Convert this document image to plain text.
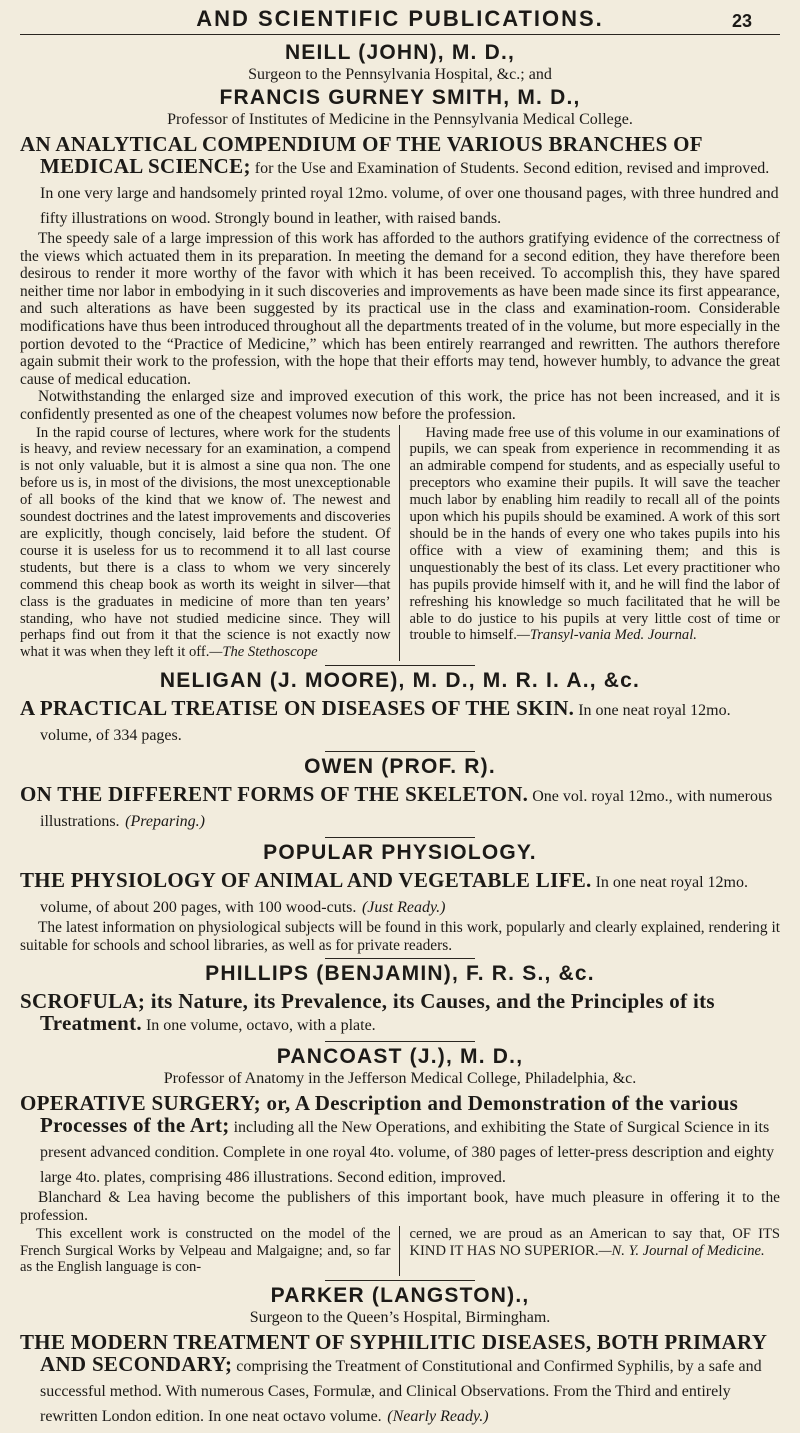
AND SCIENTIFIC PUBLICATIONS.	23
NEILL (JOHN), M. D.,
Surgeon to the Pennsylvania Hospital, &c.; and
FRANCIS GURNEY SMITH, M. D.,
Professor of Institutes of Medicine in the Pennsylvania Medical College.
AN ANALYTICAL COMPENDIUM OF THE VARIOUS BRANCHES OF MEDICAL SCIENCE; for the Use and Examination of Students. Second edition, revised and improved. In one very large and handsomely printed royal 12mo. volume, of over one thousand pages, with three hundred and fifty illustrations on wood. Strongly bound in leather, with raised bands.

The speedy sale of a large impression of this work has afforded to the authors gratifying evidence of the correctness of the views which actuated them in its preparation. In meeting the demand for a second edition, they have therefore been desirous to render it more worthy of the favor with which it has been received. To accomplish this, they have spared neither time nor labor in embodying in it such discoveries and improvements as have been made since its first appearance, and such alterations as have been suggested by its practical use in the class and examination-room. Considerable modifications have thus been introduced throughout all the departments treated of in the volume, but more especially in the portion devoted to the “Practice of Medicine,” which has been entirely rearranged and rewritten. The authors therefore again submit their work to the profession, with the hope that their efforts may tend, however humbly, to advance the great cause of medical education.

Notwithstanding the enlarged size and improved execution of this work, the price has not been increased, and it is confidently presented as one of the cheapest volumes now before the profession.

In the rapid course of lectures, where work for the students is heavy, and review necessary for an examination, a compend is not only valuable, but it is almost a sine qua non. The one before us is, in most of the divisions, the most unexceptionable of all books of the kind that we know of. The newest and soundest doctrines and the latest improvements and discoveries are explicitly, though concisely, laid before the student. Of course it is useless for us to recommend it to all last course students, but there is a class to whom we very sincerely commend this cheap book as worth its weight in silver—that class is the graduates in medicine of more than ten years’ standing, who have not studied medicine since. They will perhaps find out from it that the science is not exactly now what it was when they left it off.—The Stethoscope

Having made free use of this volume in our examinations of pupils, we can speak from experience in recommending it as an admirable compend for students, and as especially useful to preceptors who examine their pupils. It will save the teacher much labor by enabling him readily to recall all of the points upon which his pupils should be examined. A work of this sort should be in the hands of every one who takes pupils into his office with a view of examining them; and this is unquestionably the best of its class. Let every practitioner who has pupils provide himself with it, and he will find the labor of refreshing his knowledge so much facilitated that he will be able to do justice to his pupils at very little cost of time or trouble to himself.—Transyl-vania Med. Journal.

NELIGAN (J. MOORE), M. D., M. R. I. A., &c.
A PRACTICAL TREATISE ON DISEASES OF THE SKIN. In one neat royal 12mo. volume, of 334 pages.
OWEN (PROF. R).
ON THE DIFFERENT FORMS OF THE SKELETON. One vol. royal 12mo., with numerous illustrations. (Preparing.)
POPULAR PHYSIOLOGY.
THE PHYSIOLOGY OF ANIMAL AND VEGETABLE LIFE. In one neat royal 12mo. volume, of about 200 pages, with 100 wood-cuts. (Just Ready.)

The latest information on physiological subjects will be found in this work, popularly and clearly explained, rendering it suitable for schools and school libraries, as well as for private readers.

PHILLIPS (BENJAMIN), F. R. S., &c.
SCROFULA; its Nature, its Prevalence, its Causes, and the Principles of its Treatment. In one volume, octavo, with a plate.
PANCOAST (J.), M. D.,
Professor of Anatomy in the Jefferson Medical College, Philadelphia, &c.
OPERATIVE SURGERY; or, A Description and Demonstration of the various Processes of the Art; including all the New Operations, and exhibiting the State of Surgical Science in its present advanced condition. Complete in one royal 4to. volume, of 380 pages of letter-press description and eighty large 4to. plates, comprising 486 illustrations. Second edition, improved.

Blanchard & Lea having become the publishers of this important book, have much pleasure in offering it to the profession.

This excellent work is constructed on the model of the French Surgical Works by Velpeau and Malgaigne; and, so far as the English language is con-

cerned, we are proud as an American to say that, OF ITS KIND IT HAS NO SUPERIOR.—N. Y. Journal of Medicine.

PARKER (LANGSTON).,
Surgeon to the Queen’s Hospital, Birmingham.
THE MODERN TREATMENT OF SYPHILITIC DISEASES, BOTH PRIMARY AND SECONDARY; comprising the Treatment of Constitutional and Confirmed Syphilis, by a safe and successful method. With numerous Cases, Formulæ, and Clinical Observations. From the Third and entirely rewritten London edition. In one neat octavo volume. (Nearly Ready.)
